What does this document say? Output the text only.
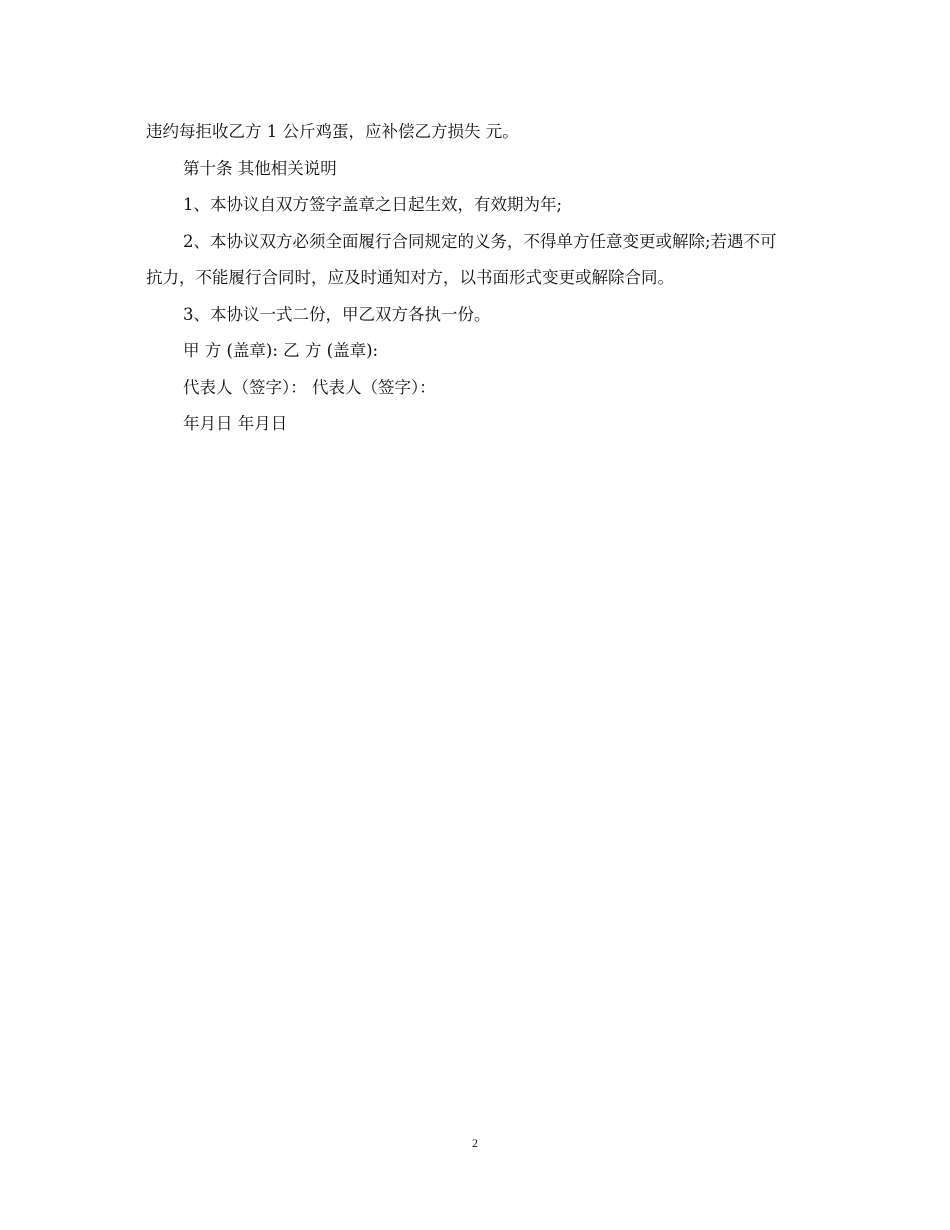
违约每拒收乙方 1 公斤鸡蛋，应补偿乙方损失 元。
第十条 其他相关说明
1、本协议自双方签字盖章之日起生效，有效期为年;
2、本协议双方必须全面履行合同规定的义务，不得单方任意变更或解除;若遇不可抗力，不能履行合同时，应及时通知对方，以书面形式变更或解除合同。
3、本协议一式二份，甲乙双方各执一份。
甲 方 (盖章): 乙 方 (盖章):
代表人（签字）： 代表人（签字）：
年月日 年月日
2
